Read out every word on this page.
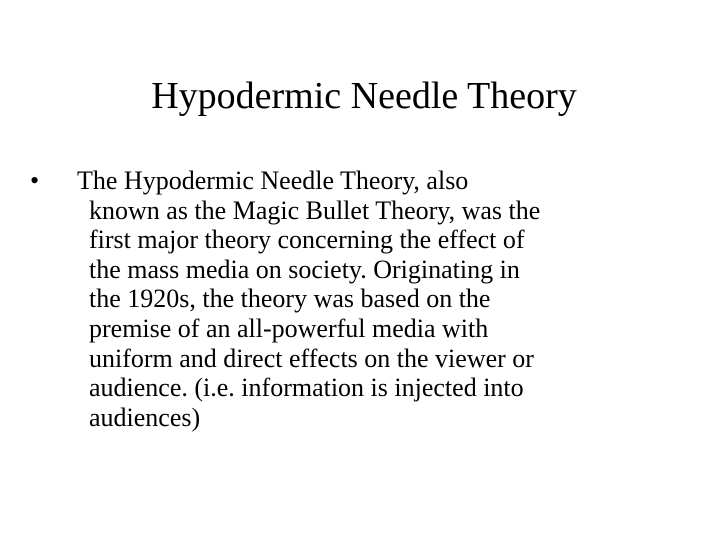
Hypodermic Needle Theory
• The Hypodermic Needle Theory, also
known as the Magic Bullet Theory, was the
first major theory concerning the effect of
the mass media on society. Originating in
the 1920s, the theory was based on the
premise of an all-powerful media with
uniform and direct effects on the viewer or
audience. (i.e. information is injected into
audiences)
